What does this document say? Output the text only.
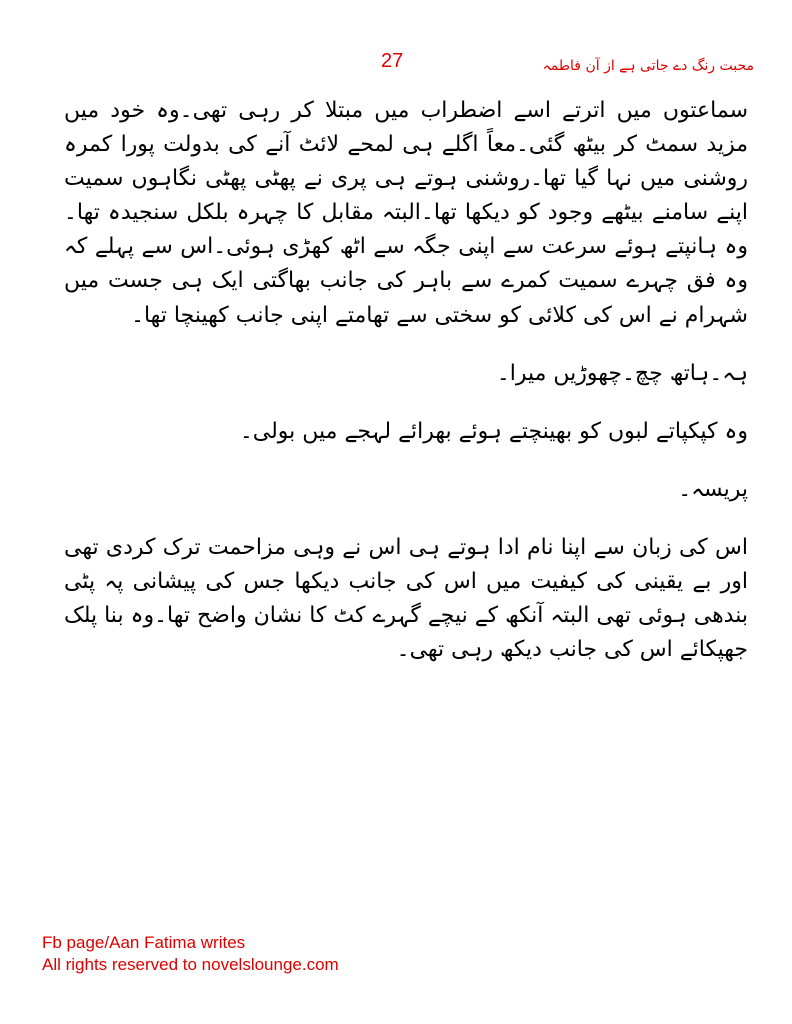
27	محبت رنگ دے جاتی ہے از آن فاطمہ

سماعتوں میں اترتے اسے اضطراب میں مبتلا کر رہی تھی۔وہ خود میں مزید سمٹ کر بیٹھ گئی۔معاً اگلے ہی لمحے لائٹ آنے کی بدولت پورا کمرہ روشنی میں نہا گیا تھا۔روشنی ہوتے ہی پری نے پھٹی پھٹی نگاہوں سمیت اپنے سامنے بیٹھے وجود کو دیکھا تھا۔البتہ مقابل کا چہرہ بلکل سنجیدہ تھا۔وہ ہانپتے ہوئے سرعت سے اپنی جگہ سے اٹھ کھڑی ہوئی۔اس سے پہلے کہ وہ فق چہرے سمیت کمرے سے باہر کی جانب بھاگتی ایک ہی جست میں شہرام نے اس کی کلائی کو سختی سے تھامتے اپنی جانب کھینچا تھا۔

ہہ۔ہاتھ چچ۔چھوڑیں میرا۔

وہ کپکپاتے لبوں کو بھینچتے ہوئے بھرائے لہجے میں بولی۔

پریسہ۔

اس کی زبان سے اپنا نام ادا ہوتے ہی اس نے وہی مزاحمت ترک کردی تھی اور بے یقینی کی کیفیت میں اس کی جانب دیکھا جس کی پیشانی پہ پٹی بندھی ہوئی تھی البتہ آنکھ کے نیچے گہرے کٹ کا نشان واضح تھا۔وہ بنا پلک جھپکائے اس کی جانب دیکھ رہی تھی۔

Fb page/Aan Fatima writes
All rights reserved to novelslounge.com
